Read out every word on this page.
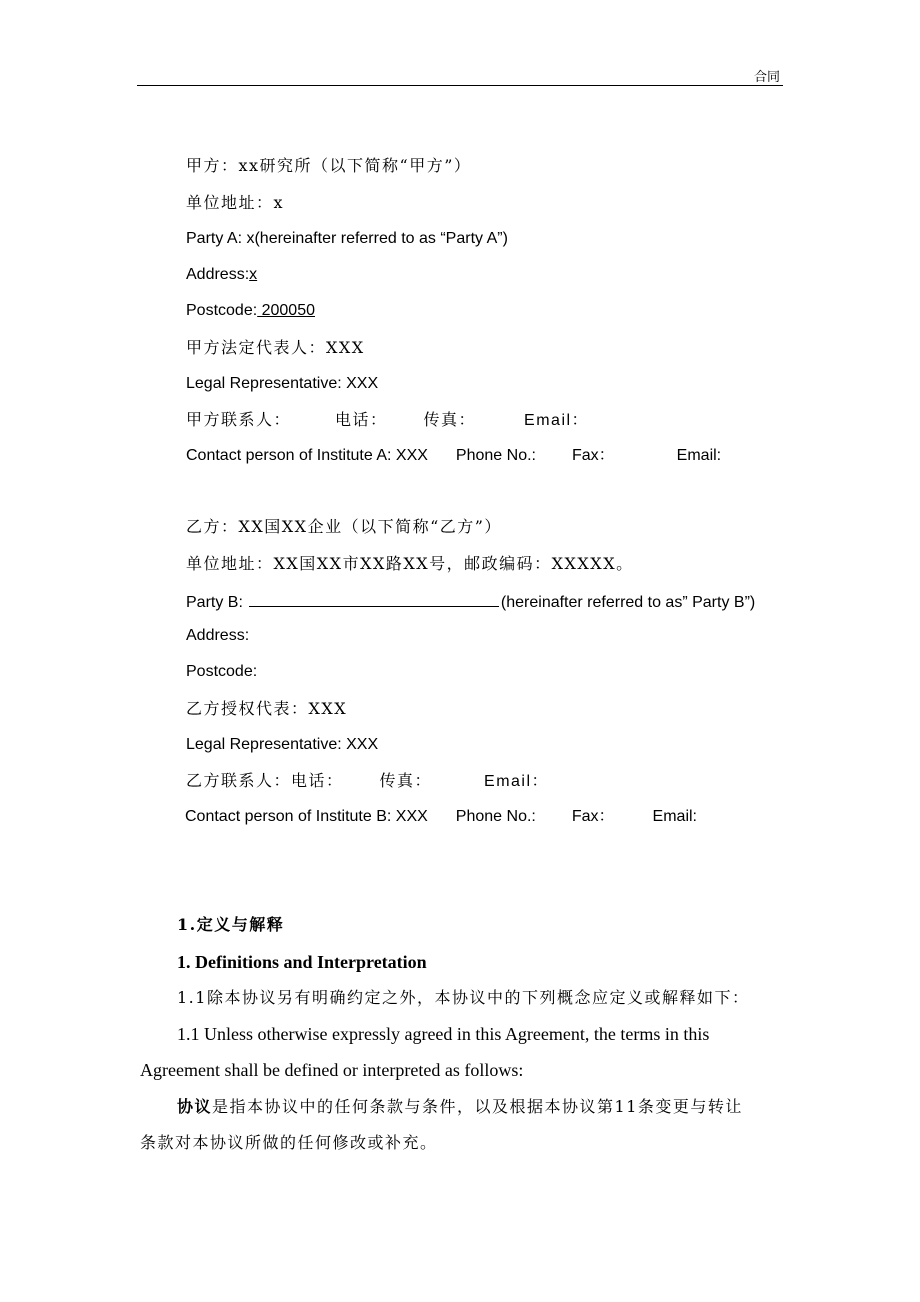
合同
甲方：xx研究所（以下简称“甲方”）
单位地址：x
Party A: x(hereinafter referred to as “Party A”)
Address:x
Postcode: 200050
甲方法定代表人：XXX
Legal Representative: XXX
甲方联系人：	电话： 传真：	Email：
Contact person of Institute A: XXX Phone No.: Fax：	Email:
乙方：XX国XX企业（以下简称“乙方”）
单位地址：XX国XX市XX路XX号，邮政编码：XXXXX。
Party B:	(hereinafter referred to as” Party B”)
Address:
Postcode:
乙方授权代表：XXX
Legal Representative: XXX
乙方联系人：电话： 传真：	Email：
Contact person of Institute B: XXX Phone No.: Fax： Email:
1.定义与解释
1. Definitions and Interpretation
1.1除本协议另有明确约定之外，本协议中的下列概念应定义或解释如下：
1.1 Unless otherwise expressly agreed in this Agreement, the terms in this
Agreement shall be defined or interpreted as follows:
协议是指本协议中的任何条款与条件，以及根据本协议第11条变更与转让
条款对本协议所做的任何修改或补充。
